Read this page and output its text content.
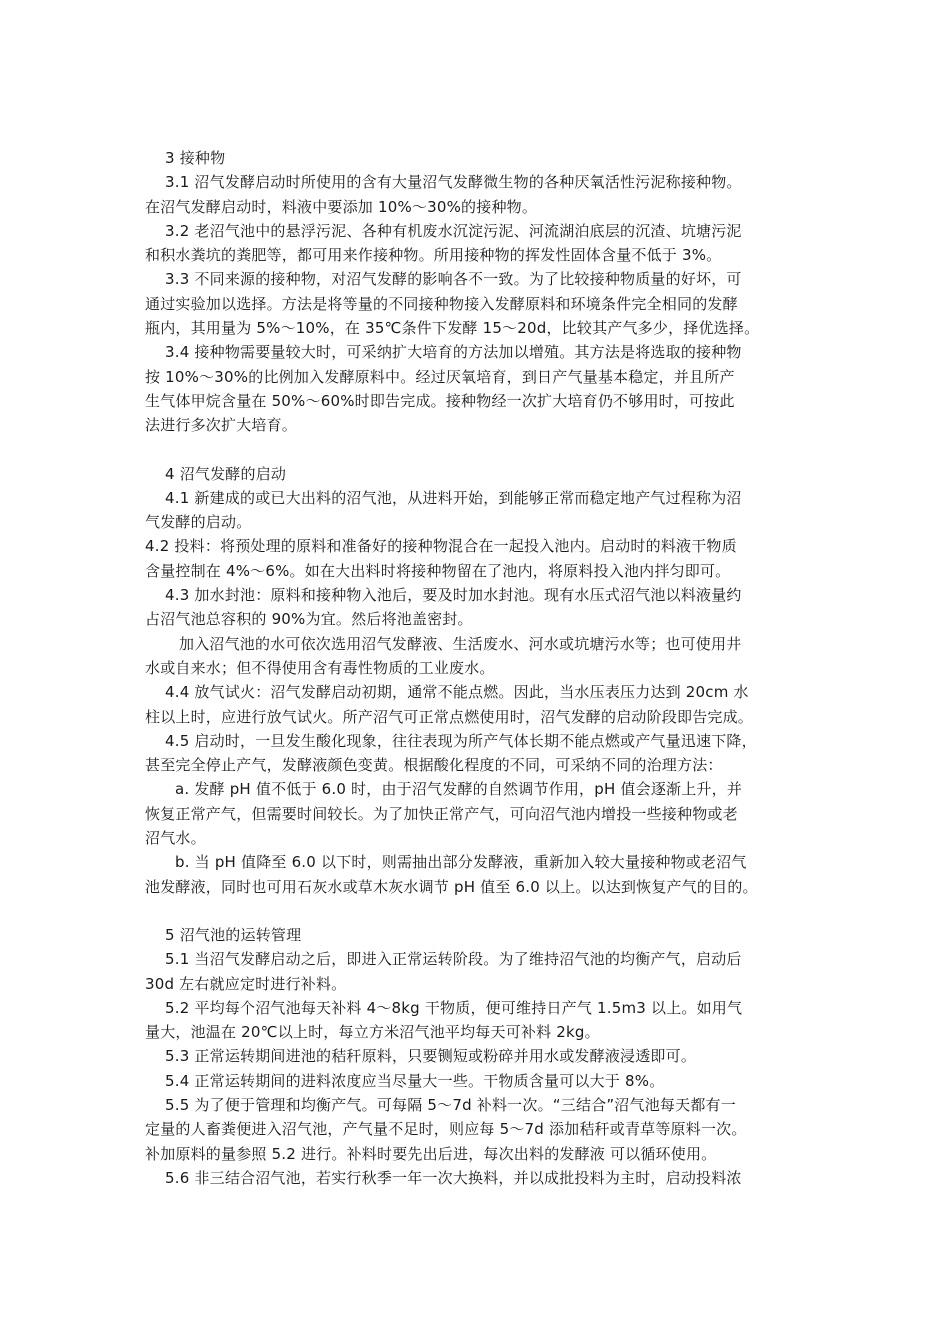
3 接种物
3.1 沼气发酵启动时所使用的含有大量沼气发酵微生物的各种厌氧活性污泥称接种物。
在沼气发酵启动时，料液中要添加 10%～30%的接种物。
3.2 老沼气池中的悬浮污泥、各种有机废水沉淀污泥、河流湖泊底层的沉渣、坑塘污泥
和积水粪坑的粪肥等，都可用来作接种物。所用接种物的挥发性固体含量不低于 3%。
3.3 不同来源的接种物，对沼气发酵的影响各不一致。为了比较接种物质量的好坏，可
通过实验加以选择。方法是将等量的不同接种物接入发酵原料和环境条件完全相同的发酵
瓶内，其用量为 5%～10%，在 35℃条件下发酵 15～20d，比较其产气多少，择优选择。
3.4 接种物需要量较大时，可采纳扩大培育的方法加以增殖。其方法是将选取的接种物
按 10%～30%的比例加入发酵原料中。经过厌氧培育，到日产气量基本稳定，并且所产
生气体甲烷含量在 50%～60%时即告完成。接种物经一次扩大培育仍不够用时，可按此
法进行多次扩大培育。
4 沼气发酵的启动
4.1 新建成的或已大出料的沼气池，从进料开始，到能够正常而稳定地产气过程称为沼
气发酵的启动。
4.2 投料：将预处理的原料和准备好的接种物混合在一起投入池内。启动时的料液干物质
含量控制在 4%～6%。如在大出料时将接种物留在了池内，将原料投入池内拌匀即可。
4.3 加水封池：原料和接种物入池后，要及时加水封池。现有水压式沼气池以料液量约
占沼气池总容积的 90%为宜。然后将池盖密封。
加入沼气池的水可依次选用沼气发酵液、生活废水、河水或坑塘污水等；也可使用井
水或自来水；但不得使用含有毒性物质的工业废水。
4.4 放气试火：沼气发酵启动初期，通常不能点燃。因此，当水压表压力达到 20cm 水
柱以上时，应进行放气试火。所产沼气可正常点燃使用时，沼气发酵的启动阶段即告完成。
4.5 启动时，一旦发生酸化现象，往往表现为所产气体长期不能点燃或产气量迅速下降，
甚至完全停止产气，发酵液颜色变黄。根据酸化程度的不同，可采纳不同的治理方法：
a. 发酵 pH 值不低于 6.0 时，由于沼气发酵的自然调节作用，pH 值会逐渐上升，并
恢复正常产气，但需要时间较长。为了加快正常产气，可向沼气池内增投一些接种物或老
沼气水。
b. 当 pH 值降至 6.0 以下时，则需抽出部分发酵液，重新加入较大量接种物或老沼气
池发酵液，同时也可用石灰水或草木灰水调节 pH 值至 6.0 以上。以达到恢复产气的目的。
5 沼气池的运转管理
5.1 当沼气发酵启动之后，即进入正常运转阶段。为了维持沼气池的均衡产气，启动后
30d 左右就应定时进行补料。
5.2 平均每个沼气池每天补料 4～8kg 干物质，便可维持日产气 1.5m3 以上。如用气
量大，池温在 20℃以上时，每立方米沼气池平均每天可补料 2kg。
5.3 正常运转期间进池的秸秆原料，只要铡短或粉碎并用水或发酵液浸透即可。
5.4 正常运转期间的进料浓度应当尽量大一些。干物质含量可以大于 8%。
5.5 为了便于管理和均衡产气。可每隔 5～7d 补料一次。“三结合”沼气池每天都有一
定量的人畜粪便进入沼气池，产气量不足时，则应每 5～7d 添加秸秆或青草等原料一次。
补加原料的量参照 5.2 进行。补料时要先出后进，每次出料的发酵液 可以循环使用。
5.6 非三结合沼气池，若实行秋季一年一次大换料，并以成批投料为主时，启动投料浓
